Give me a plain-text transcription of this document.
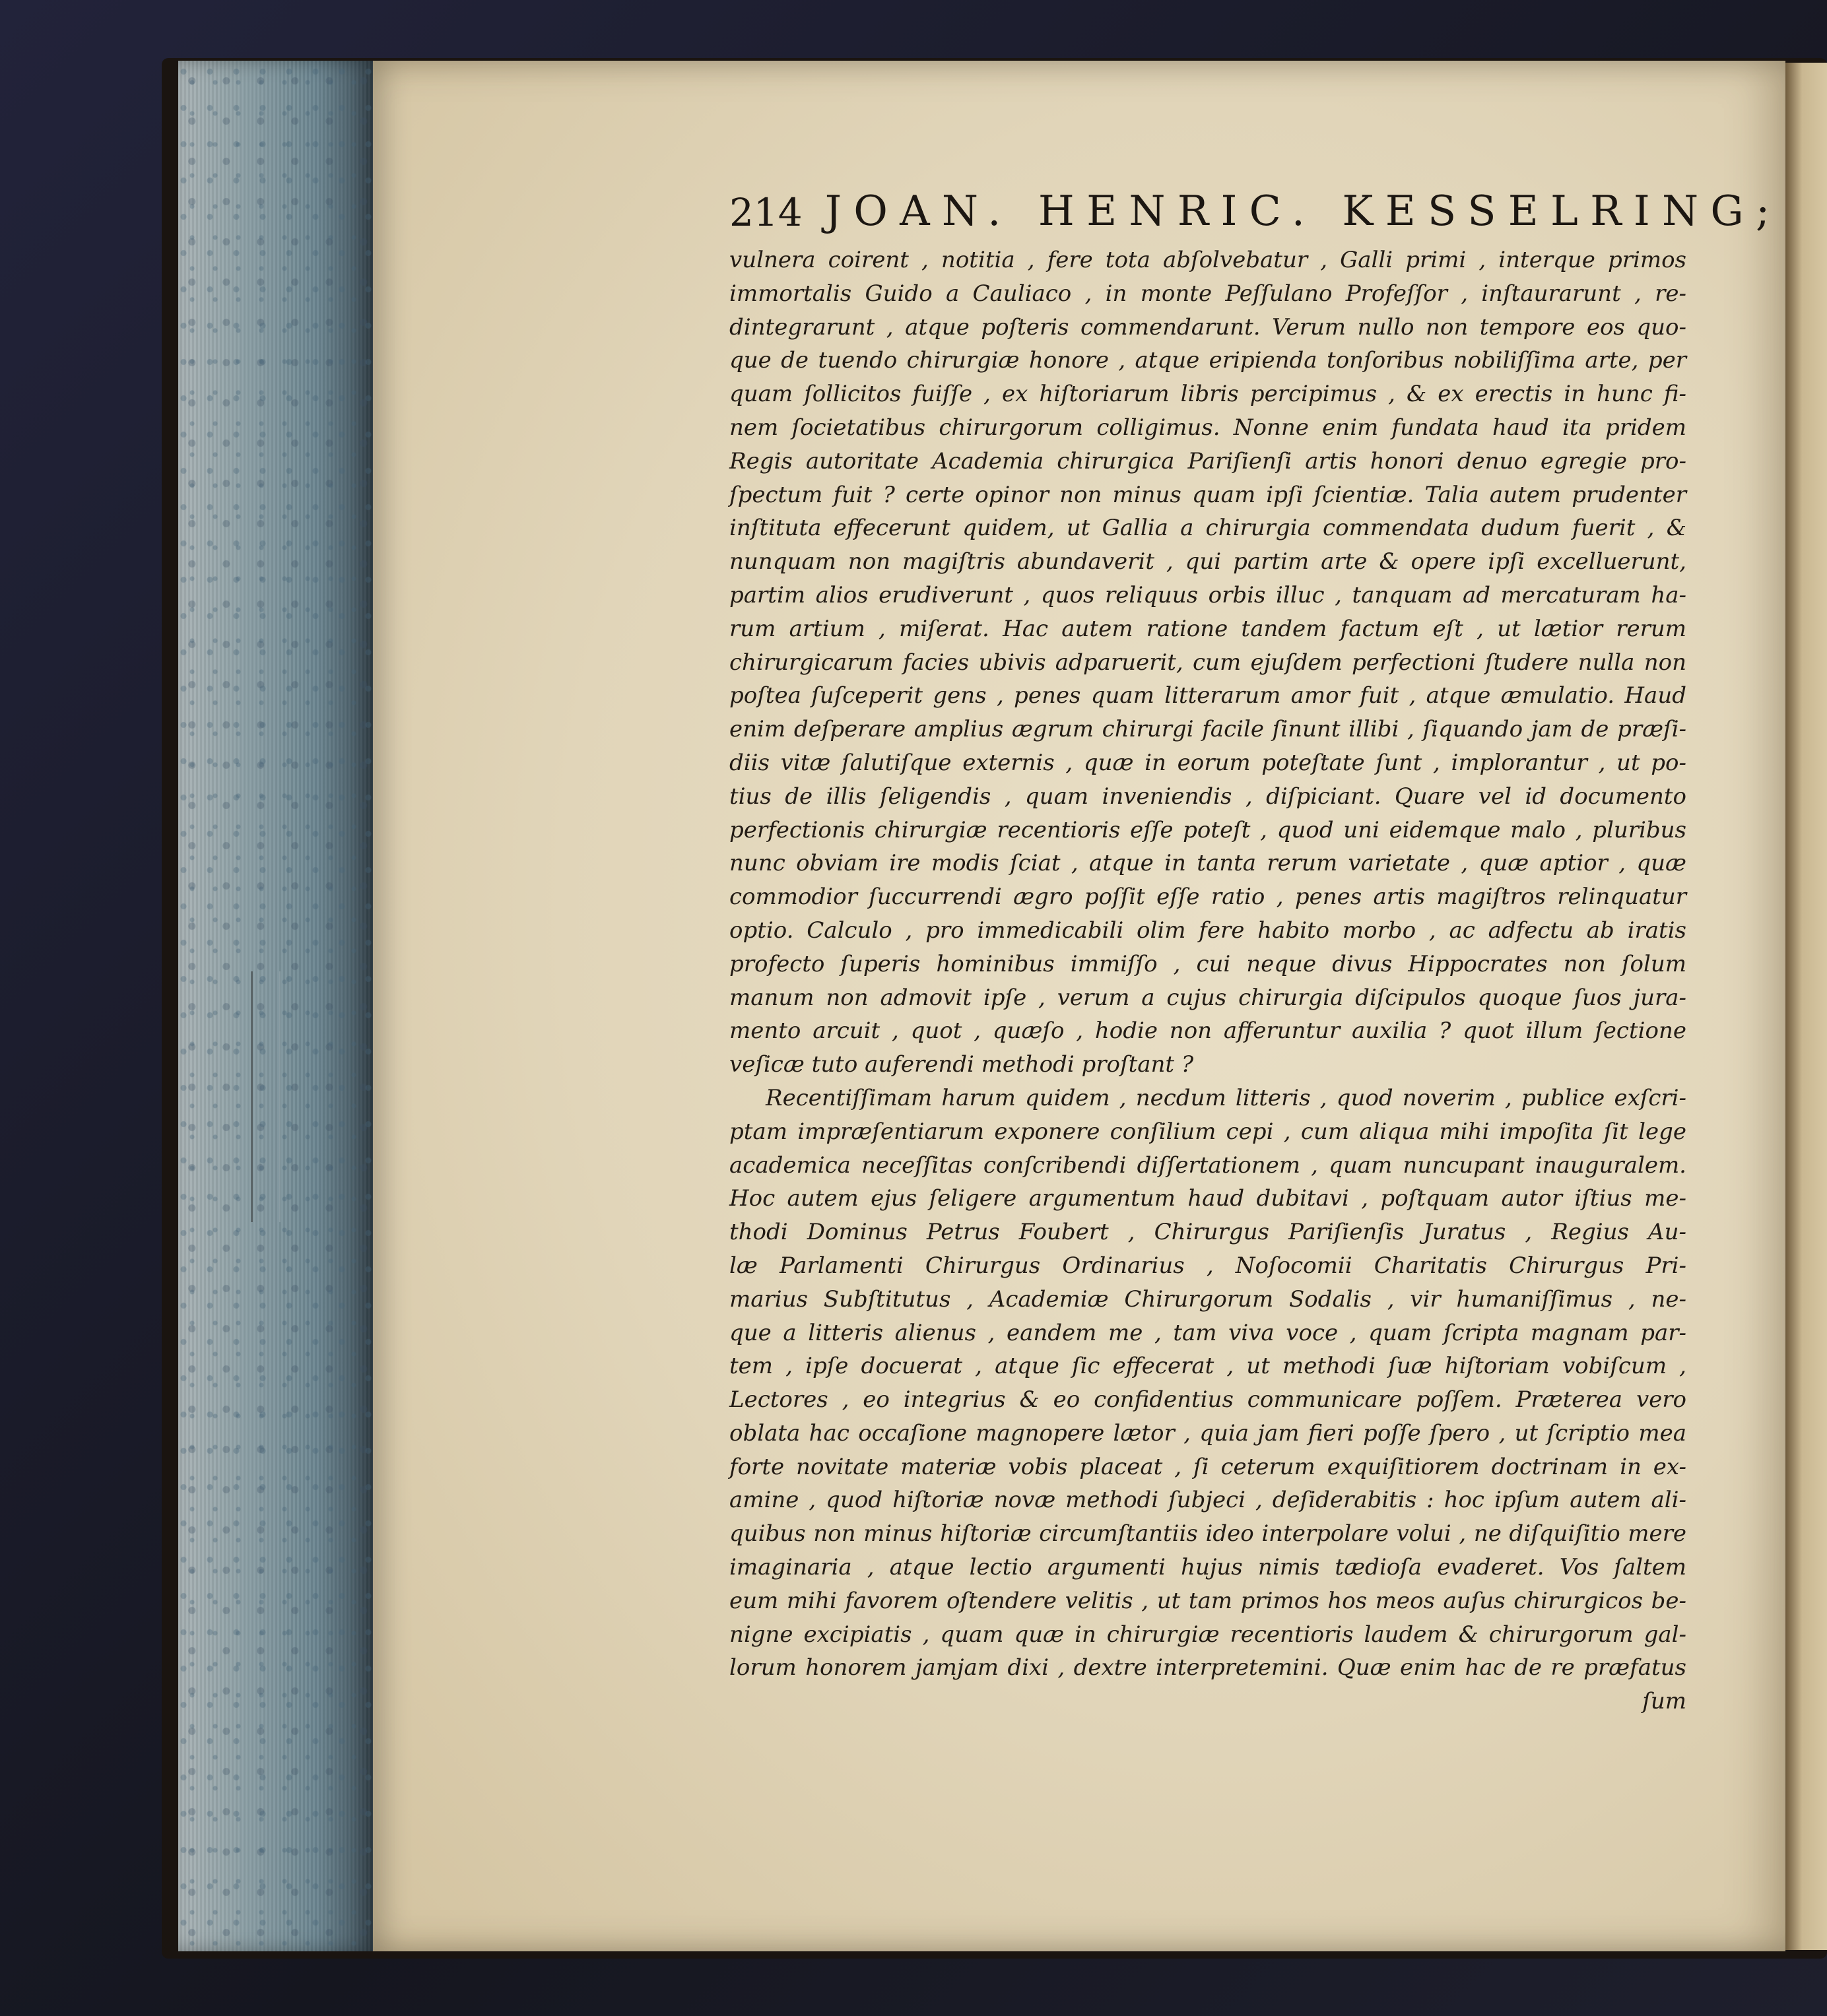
214 JOAN. HENRIC. KESSELRING;
vulnera coirent , notitia , fere tota abſolvebatur , Galli primi , interque primos
immortalis Guido a Cauliaco , in monte Peſſulano Profeſſor , inſtaurarunt , re-
dintegrarunt , atque poſteris commendarunt. Verum nullo non tempore eos quo-
que de tuendo chirurgiæ honore , atque eripienda tonſoribus nobiliſſima arte, per
quam ſollicitos fuiſſe , ex hiſtoriarum libris percipimus , & ex erectis in hunc fi-
nem ſocietatibus chirurgorum colligimus. Nonne enim fundata haud ita pridem
Regis autoritate Academia chirurgica Pariſienſi artis honori denuo egregie pro-
ſpectum fuit ? certe opinor non minus quam ipſi ſcientiæ. Talia autem prudenter
inſtituta effecerunt quidem, ut Gallia a chirurgia commendata dudum fuerit , &
nunquam non magiſtris abundaverit , qui partim arte & opere ipſi excelluerunt,
partim alios erudiverunt , quos reliquus orbis illuc , tanquam ad mercaturam ha-
rum artium , miſerat. Hac autem ratione tandem factum eſt , ut lætior rerum
chirurgicarum facies ubivis adparuerit, cum ejuſdem perfectioni ſtudere nulla non
poſtea ſuſceperit gens , penes quam litterarum amor fuit , atque æmulatio. Haud
enim deſperare amplius ægrum chirurgi facile ſinunt illibi , ſiquando jam de præſi-
diis vitæ ſalutiſque externis , quæ in eorum poteſtate ſunt , implorantur , ut po-
tius de illis ſeligendis , quam inveniendis , diſpiciant. Quare vel id documento
perfectionis chirurgiæ recentioris eſſe poteſt , quod uni eidemque malo , pluribus
nunc obviam ire modis ſciat , atque in tanta rerum varietate , quæ aptior , quæ
commodior ſuccurrendi ægro poſſit eſſe ratio , penes artis magiſtros relinquatur
optio. Calculo , pro immedicabili olim fere habito morbo , ac adfectu ab iratis
profecto ſuperis hominibus immiſſo , cui neque divus Hippocrates non ſolum
manum non admovit ipſe , verum a cujus chirurgia diſcipulos quoque ſuos jura-
mento arcuit , quot , quæſo , hodie non afferuntur auxilia ? quot illum ſectione
veſicæ tuto auferendi methodi proſtant ?
Recentiſſimam harum quidem , necdum litteris , quod noverim , publice exſcri-
ptam impræſentiarum exponere conſilium cepi , cum aliqua mihi impoſita ſit lege
academica neceſſitas conſcribendi diſſertationem , quam nuncupant inauguralem.
Hoc autem ejus ſeligere argumentum haud dubitavi , poſtquam autor iſtius me-
thodi Dominus Petrus Foubert , Chirurgus Pariſienſis Juratus , Regius Au-
læ Parlamenti Chirurgus Ordinarius , Noſocomii Charitatis Chirurgus Pri-
marius Subſtitutus , Academiæ Chirurgorum Sodalis , vir humaniſſimus , ne-
que a litteris alienus , eandem me , tam viva voce , quam ſcripta magnam par-
tem , ipſe docuerat , atque ſic effecerat , ut methodi ſuæ hiſtoriam vobiſcum ,
Lectores , eo integrius & eo confidentius communicare poſſem. Præterea vero
oblata hac occaſione magnopere lætor , quia jam fieri poſſe ſpero , ut ſcriptio mea
forte novitate materiæ vobis placeat , ſi ceterum exquiſitiorem doctrinam in ex-
amine , quod hiſtoriæ novæ methodi ſubjeci , deſiderabitis : hoc ipſum autem ali-
quibus non minus hiſtoriæ circumſtantiis ideo interpolare volui , ne diſquiſitio mere
imaginaria , atque lectio argumenti hujus nimis tædioſa evaderet. Vos ſaltem
eum mihi favorem oſtendere velitis , ut tam primos hos meos auſus chirurgicos be-
nigne excipiatis , quam quæ in chirurgiæ recentioris laudem & chirurgorum gal-
lorum honorem jamjam dixi , dextre interpretemini. Quæ enim hac de re præfatus
ſum
